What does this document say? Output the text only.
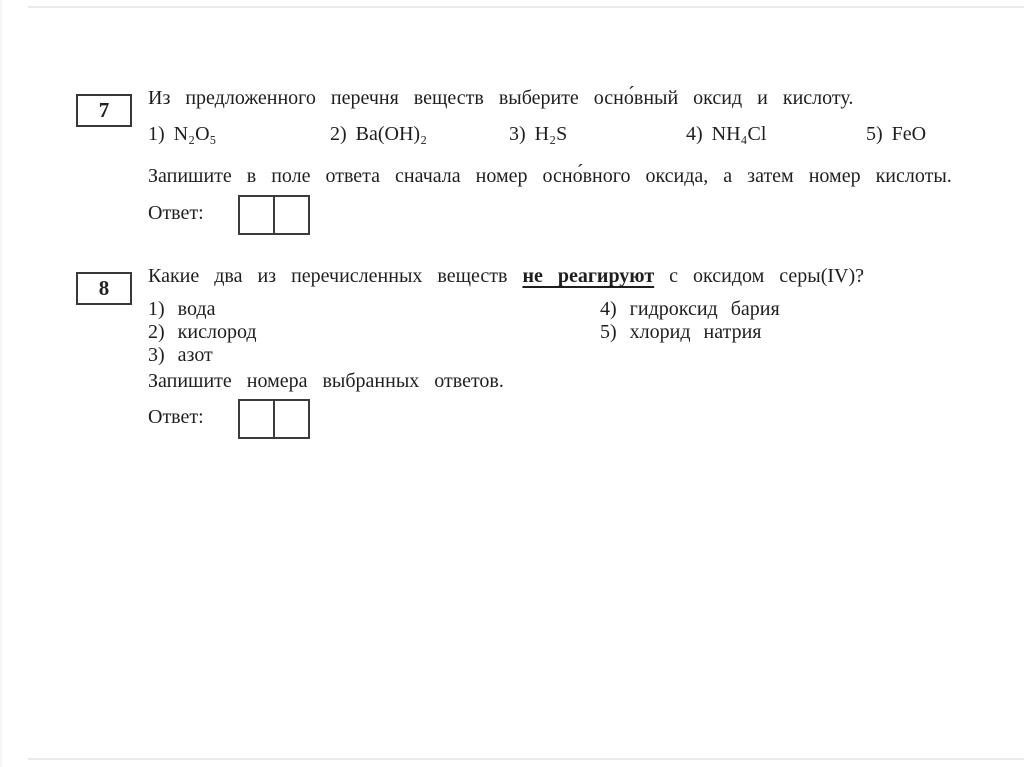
7 Из предложенного перечня веществ выберите осно́вный оксид и кислоту.

1) N₂O₅	2) Ba(OH)₂	3) H₂S	4) NH₄Cl	5) FeO

Запишите в поле ответа сначала номер осно́вного оксида, а затем номер кислоты.

Ответ:
8 Какие два из перечисленных веществ не реагируют с оксидом серы(IV)?

1) вода
2) кислород
3) азот
4) гидроксид бария
5) хлорид натрия

Запишите номера выбранных ответов.

Ответ:
